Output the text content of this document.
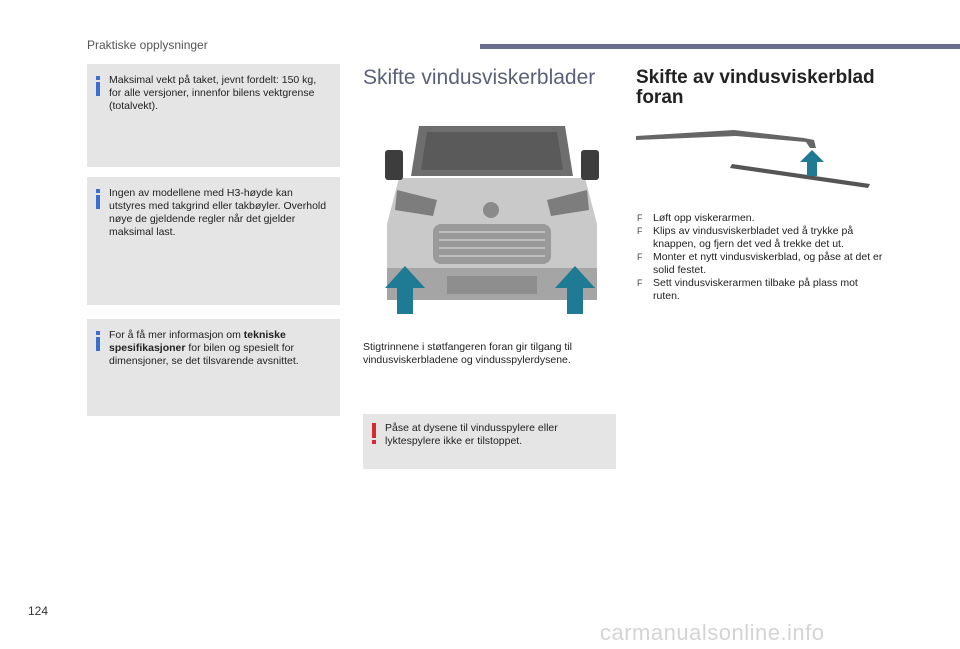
Praktiske opplysninger
Maksimal vekt på taket, jevnt fordelt: 150 kg, for alle versjoner, innenfor bilens vektgrense (totalvekt).
Ingen av modellene med H3-høyde kan utstyres med takgrind eller takbøyler. Overhold nøye de gjeldende regler når det gjelder maksimal last.
For å få mer informasjon om tekniske spesifikasjoner for bilen og spesielt for dimensjoner, se det tilsvarende avsnittet.
Skifte vindusviskerblader
Stigtrinnene i støtfangeren foran gir tilgang til vindusviskerbladene og vindusspylerdysene.
Påse at dysene til vindusspylere eller lyktespylere ikke er tilstoppet.
Skifte av vindusviskerblad foran
F Løft opp viskerarmen.
F Klips av vindusviskerbladet ved å trykke på knappen, og fjern det ved å trekke det ut.
F Monter et nytt vindusviskerblad, og påse at det er solid festet.
F Sett vindusviskerarmen tilbake på plass mot ruten.
124
carmanualsonline.info
